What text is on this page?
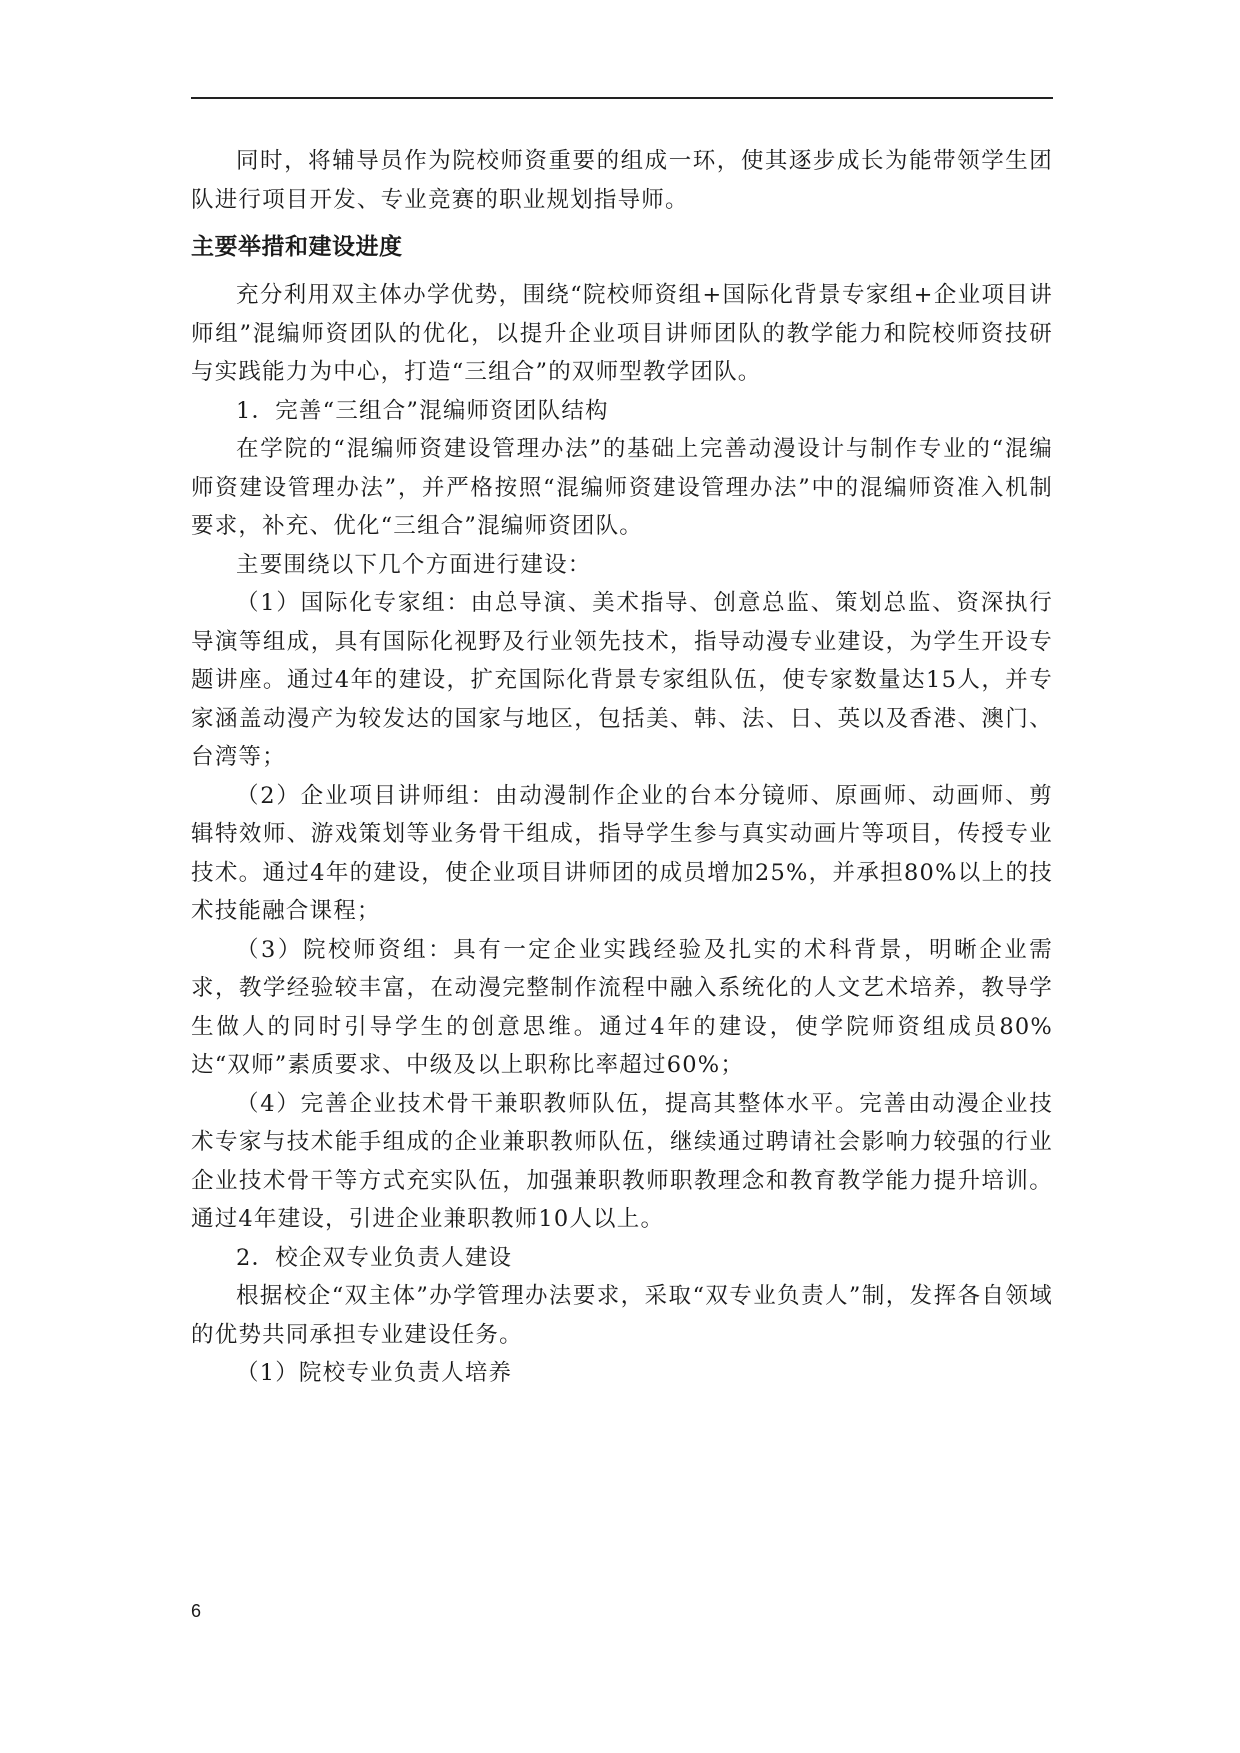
同时，将辅导员作为院校师资重要的组成一环，使其逐步成长为能带领学生团队进行项目开发、专业竞赛的职业规划指导师。

主要举措和建设进度

充分利用双主体办学优势，围绕“院校师资组+国际化背景专家组+企业项目讲师组”混编师资团队的优化，以提升企业项目讲师团队的教学能力和院校师资技研与实践能力为中心，打造“三组合”的双师型教学团队。

1．完善“三组合”混编师资团队结构

在学院的“混编师资建设管理办法”的基础上完善动漫设计与制作专业的“混编师资建设管理办法”，并严格按照“混编师资建设管理办法”中的混编师资准入机制要求，补充、优化“三组合”混编师资团队。

主要围绕以下几个方面进行建设：

（1）国际化专家组：由总导演、美术指导、创意总监、策划总监、资深执行导演等组成，具有国际化视野及行业领先技术，指导动漫专业建设，为学生开设专题讲座。通过4年的建设，扩充国际化背景专家组队伍，使专家数量达15人，并专家涵盖动漫产为较发达的国家与地区，包括美、韩、法、日、英以及香港、澳门、台湾等；

（2）企业项目讲师组：由动漫制作企业的台本分镜师、原画师、动画师、剪辑特效师、游戏策划等业务骨干组成，指导学生参与真实动画片等项目，传授专业技术。通过4年的建设，使企业项目讲师团的成员增加25%，并承担80%以上的技术技能融合课程；

（3）院校师资组：具有一定企业实践经验及扎实的术科背景，明晰企业需求，教学经验较丰富，在动漫完整制作流程中融入系统化的人文艺术培养，教导学生做人的同时引导学生的创意思维。通过4年的建设，使学院师资组成员80%达“双师”素质要求、中级及以上职称比率超过60%；

（4）完善企业技术骨干兼职教师队伍，提高其整体水平。完善由动漫企业技术专家与技术能手组成的企业兼职教师队伍，继续通过聘请社会影响力较强的行业企业技术骨干等方式充实队伍，加强兼职教师职教理念和教育教学能力提升培训。通过4年建设，引进企业兼职教师10人以上。

2．校企双专业负责人建设

根据校企“双主体”办学管理办法要求，采取“双专业负责人”制，发挥各自领域的优势共同承担专业建设任务。

（1）院校专业负责人培养

6
